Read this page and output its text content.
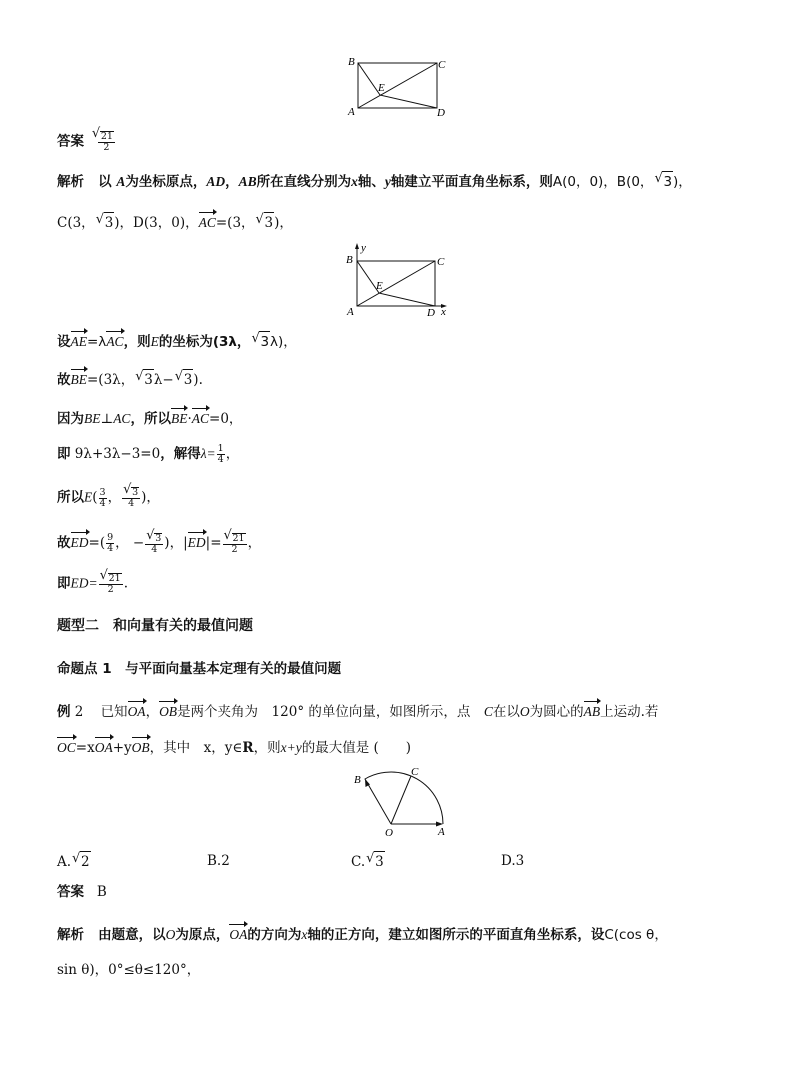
B	C
E
A	D
答案 √ $\frac{21}{2}$
解析 以 A为坐标原点，AD，AB所在直线分别为x轴、y轴建立平面直角坐标系，则A(0，0)，B(0， √ 3)，
C(3， √ 3)，D(3，0)，AC=(3， √ 3)，
y
B	C
E
A	D x
设AE=λAC，则E的坐标为(3λ， √ 3λ)，
故BE=(3λ， √ 3λ− √ 3).
因为BE⊥AC，所以BE·AC=0，
即 9λ+3λ−3=0，解得$\lambda= \frac{1}{4}$ ，
所以$E( \frac{3}{4}$ ， √ $\frac{3}{4}$ )，
故$ED=( \frac{9}{4}$ ， − √ $\frac{3}{4}$ )，|ED|= √ $\frac{21}{2}$ ，
即ED= √ $\frac{21}{2}$ .
题型二　和向量有关的最值问题
命题点 1　与平面向量基本定理有关的最值问题
例 2 已知OA，OB是两个夹角为　120° 的单位向量，如图所示，点　C在以O为圆心的AB上运动.若
OC=xOA+yOB，其中　x，y∈R，则x+y的最大值是 (　　)
B
C
O	A
A. √ 2	B.2	C. √ 3	D.3
答案 B
解析 由题意，以O为原点，OA的方向为x轴的正方向，建立如图所示的平面直角坐标系，设C(cos θ，
sin θ)，0°≤θ≤120°，
